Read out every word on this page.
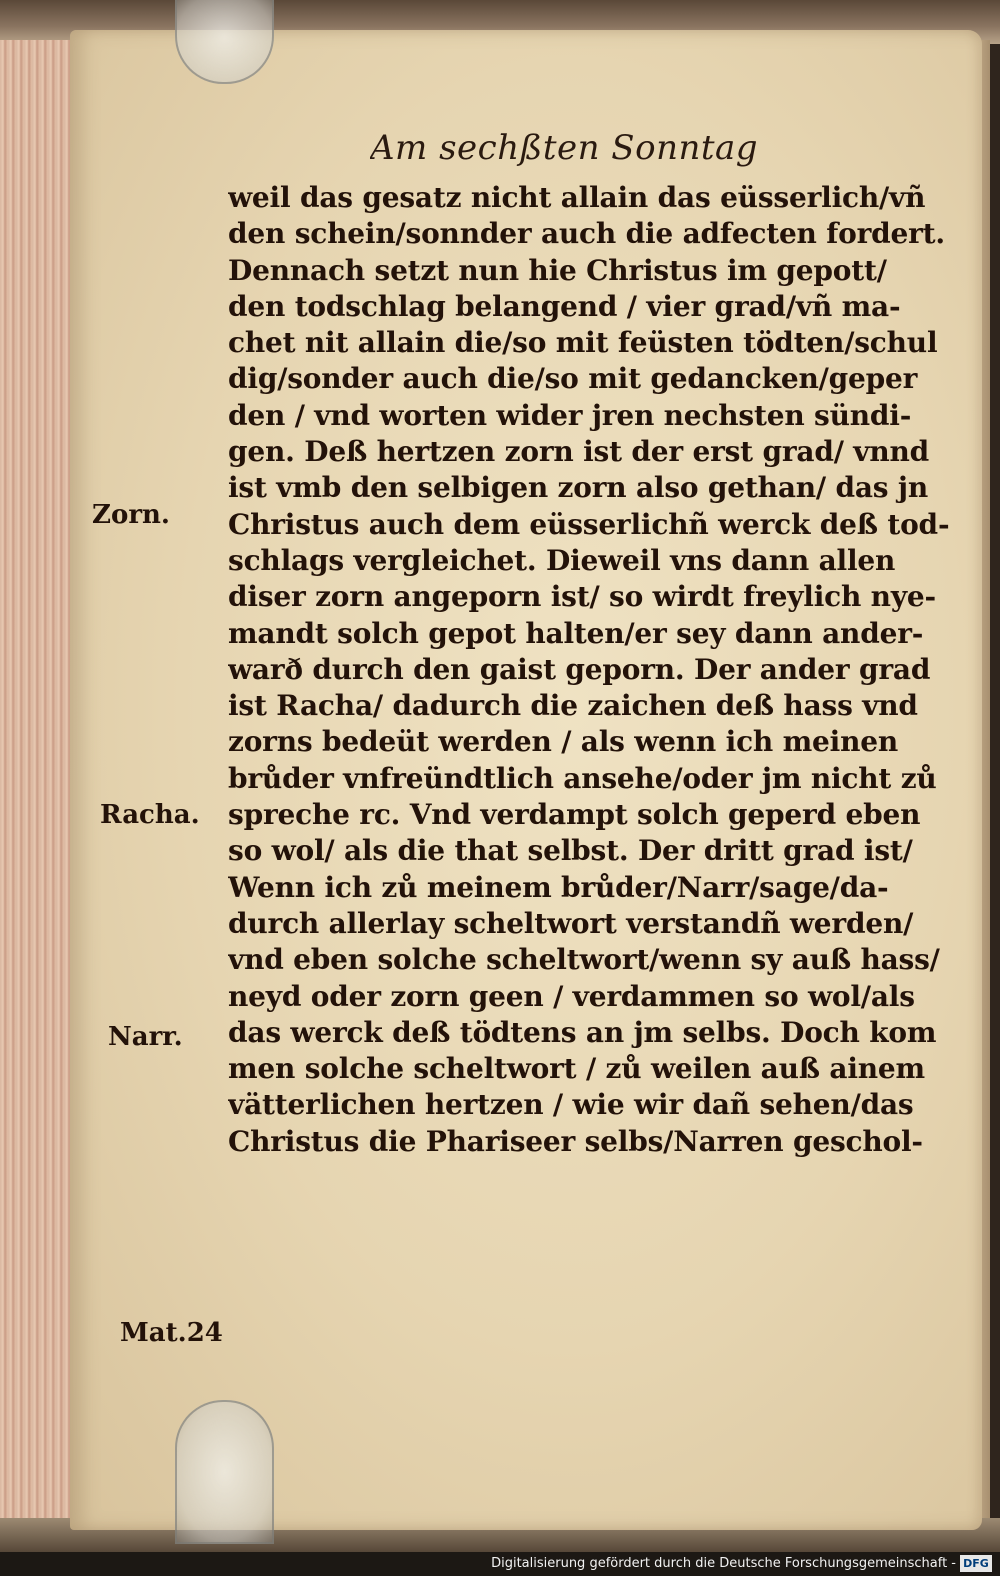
Am sechßten Sonntag
weil das gesatz nicht allain das eüsserlich/vñ
den schein/sonnder auch die adfecten fordert.
Dennach setzt nun hie Christus im gepott/
den todschlag belangend / vier grad/vñ ma-
chet nit allain die/so mit feüsten tödten/schul
dig/sonder auch die/so mit gedancken/geper
den / vnd worten wider jren nechsten sündi-
gen. Deß hertzen zorn ist der erst grad/ vnnd
ist vmb den selbigen zorn also gethan/ das jn
Christus auch dem eüsserlichñ werck deß tod-
schlags vergleichet. Dieweil vns dann allen
diser zorn angeporn ist/ so wirdt freylich nye-
mandt solch gepot halten/er sey dann ander-
warð durch den gaist geporn. Der ander grad
ist Racha/ dadurch die zaichen deß hass vnd
zorns bedeüt werden / als wenn ich meinen
brůder vnfreündtlich ansehe/oder jm nicht zů
spreche rc. Vnd verdampt solch geperd eben
so wol/ als die that selbst. Der dritt grad ist/
Wenn ich zů meinem brůder/Narr/sage/da-
durch allerlay scheltwort verstandñ werden/
vnd eben solche scheltwort/wenn sy auß hass/
neyd oder zorn geen / verdammen so wol/als
das werck deß tödtens an jm selbs. Doch kom
men solche scheltwort / zů weilen auß ainem
vätterlichen hertzen / wie wir dañ sehen/das
Christus die Phariseer selbs/Narren geschol-
Zorn.
Racha.
Narr.
Mat.24
Digitalisierung gefördert durch die Deutsche Forschungsgemeinschaft - DFG
